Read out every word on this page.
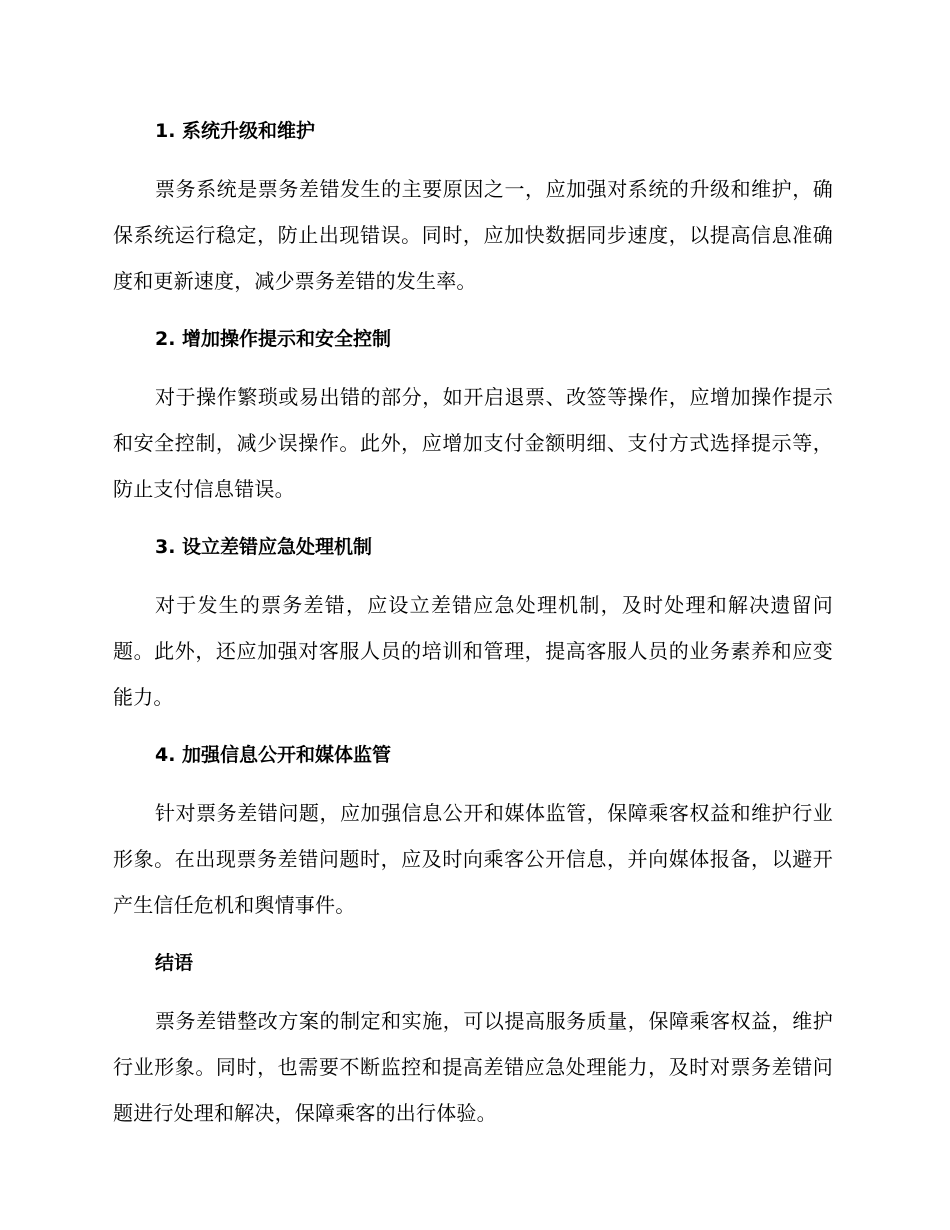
1. 系统升级和维护

票务系统是票务差错发生的主要原因之一，应加强对系统的升级和维护，确保系统运行稳定，防止出现错误。同时，应加快数据同步速度，以提高信息准确度和更新速度，减少票务差错的发生率。

2. 增加操作提示和安全控制

对于操作繁琐或易出错的部分，如开启退票、改签等操作，应增加操作提示和安全控制，减少误操作。此外，应增加支付金额明细、支付方式选择提示等，防止支付信息错误。

3. 设立差错应急处理机制

对于发生的票务差错，应设立差错应急处理机制，及时处理和解决遗留问题。此外，还应加强对客服人员的培训和管理，提高客服人员的业务素养和应变能力。

4. 加强信息公开和媒体监管

针对票务差错问题，应加强信息公开和媒体监管，保障乘客权益和维护行业形象。在出现票务差错问题时，应及时向乘客公开信息，并向媒体报备，以避开产生信任危机和舆情事件。

结语

票务差错整改方案的制定和实施，可以提高服务质量，保障乘客权益，维护行业形象。同时，也需要不断监控和提高差错应急处理能力，及时对票务差错问题进行处理和解决，保障乘客的出行体验。
